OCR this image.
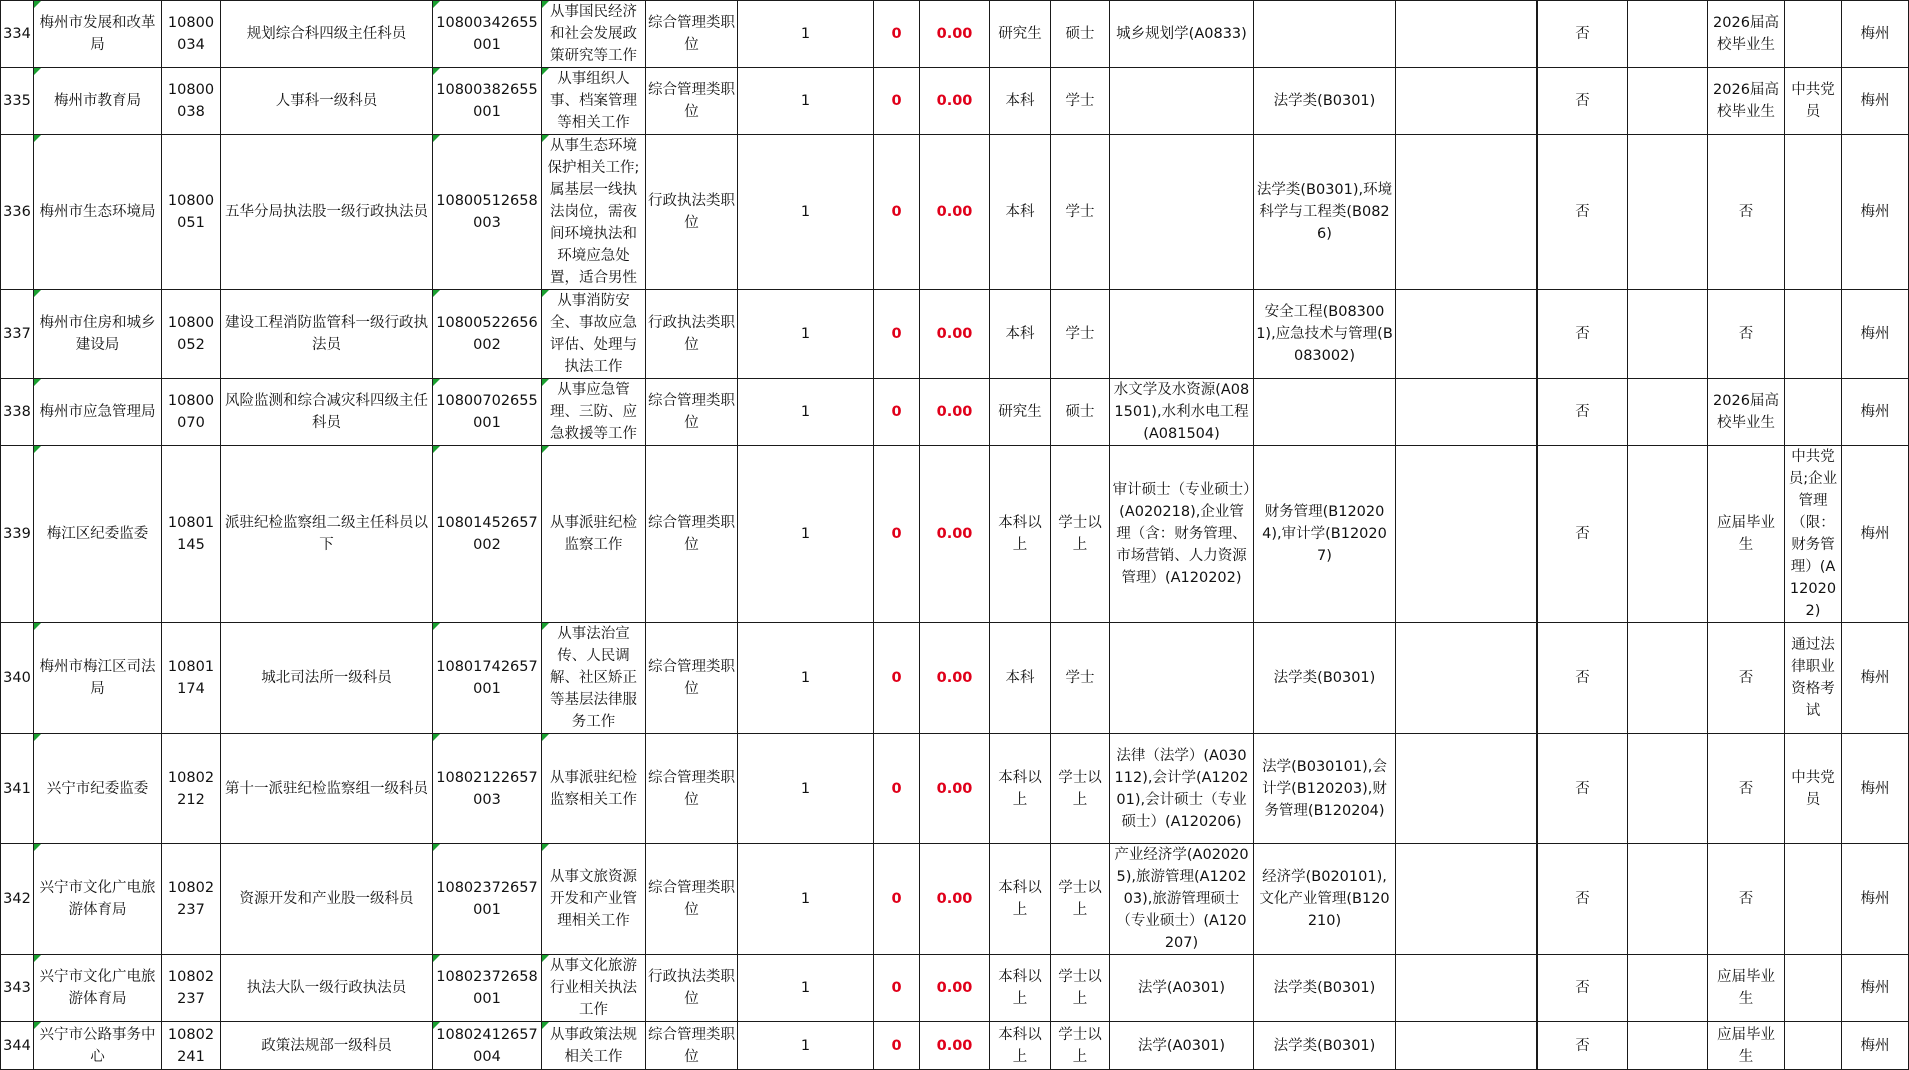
334	梅州市发展和改革局	10800034	规划综合科四级主任科员	10800342655001	从事国民经济和社会发展政策研究等工作	综合管理类职位	1	0	0.00	研究生	硕士	城乡规划学(A0833)				否		2026届高校毕业生		梅州
335	梅州市教育局	10800038	人事科一级科员	10800382655001	从事组织人事、档案管理等相关工作	综合管理类职位	1	0	0.00	本科	学士		法学类(B0301)			否		2026届高校毕业生	中共党员	梅州
336	梅州市生态环境局	10800051	五华分局执法股一级行政执法员	10800512658003	从事生态环境保护相关工作;属基层一线执法岗位，需夜间环境执法和环境应急处置，适合男性	行政执法类职位	1	0	0.00	本科	学士		法学类(B0301),环境科学与工程类(B0826)			否		否		梅州
337	梅州市住房和城乡建设局	10800052	建设工程消防监管科一级行政执法员	10800522656002	从事消防安全、事故应急评估、处理与执法工作	行政执法类职位	1	0	0.00	本科	学士		安全工程(B083001),应急技术与管理(B083002)			否		否		梅州
338	梅州市应急管理局	10800070	风险监测和综合减灾科四级主任科员	10800702655001	从事应急管理、三防、应急救援等工作	综合管理类职位	1	0	0.00	研究生	硕士	水文学及水资源(A081501),水利水电工程(A081504)				否		2026届高校毕业生		梅州
339	梅江区纪委监委	10801145	派驻纪检监察组二级主任科员以下	10801452657002	从事派驻纪检监察工作	综合管理类职位	1	0	0.00	本科以上	学士以上	审计硕士（专业硕士）(A020218),企业管理（含：财务管理、市场营销、人力资源管理）(A120202)	财务管理(B120204),审计学(B120207)			否		应届毕业生	中共党员;企业管理（限：财务管理）(A120202)	梅州
340	梅州市梅江区司法局	10801174	城北司法所一级科员	10801742657001	从事法治宣传、人民调解、社区矫正等基层法律服务工作	综合管理类职位	1	0	0.00	本科	学士		法学类(B0301)			否		否	通过法律职业资格考试	梅州
341	兴宁市纪委监委	10802212	第十一派驻纪检监察组一级科员	10802122657003	从事派驻纪检监察相关工作	综合管理类职位	1	0	0.00	本科以上	学士以上	法律（法学）(A030112),会计学(A120201),会计硕士（专业硕士）(A120206)	法学(B030101),会计学(B120203),财务管理(B120204)			否		否	中共党员	梅州
342	兴宁市文化广电旅游体育局	10802237	资源开发和产业股一级科员	10802372657001	从事文旅资源开发和产业管理相关工作	综合管理类职位	1	0	0.00	本科以上	学士以上	产业经济学(A020205),旅游管理(A120203),旅游管理硕士（专业硕士）(A120207)	经济学(B020101),文化产业管理(B120210)			否		否		梅州
343	兴宁市文化广电旅游体育局	10802237	执法大队一级行政执法员	10802372658001	从事文化旅游行业相关执法工作	行政执法类职位	1	0	0.00	本科以上	学士以上	法学(A0301)	法学类(B0301)			否		应届毕业生		梅州
344	兴宁市公路事务中心	10802241	政策法规部一级科员	10802412657004	从事政策法规相关工作	综合管理类职位	1	0	0.00	本科以上	学士以上	法学(A0301)	法学类(B0301)			否		应届毕业生		梅州
